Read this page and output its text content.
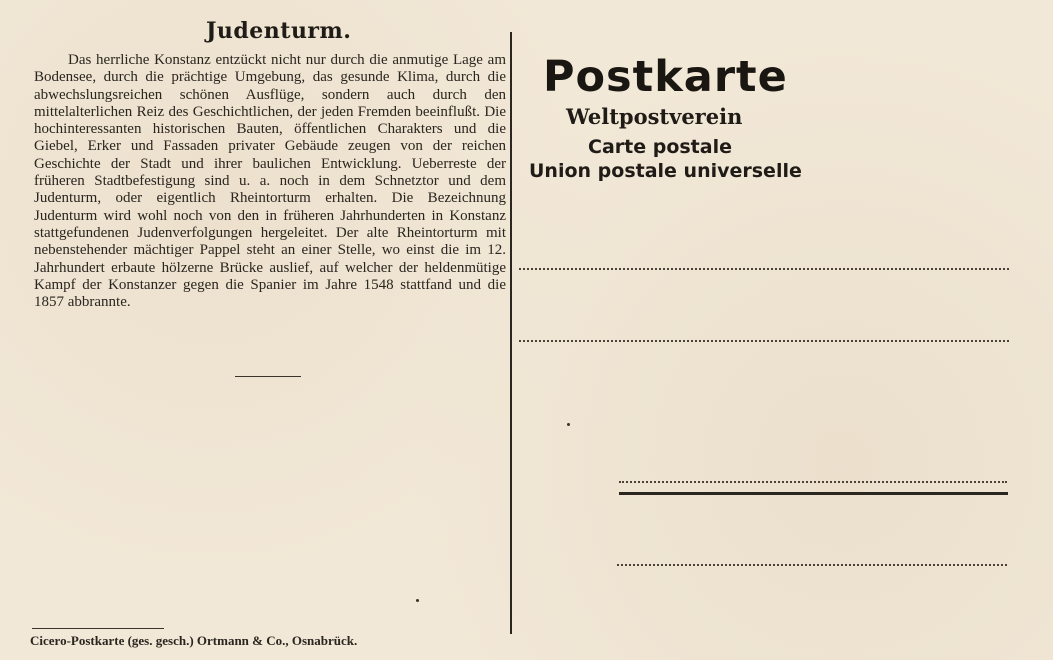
Judenturm.

Das herrliche Konstanz entzückt nicht nur durch die anmutige Lage am Bodensee, durch die prächtige Umgebung, das gesunde Klima, durch die abwechslungsreichen schönen Ausflüge, sondern auch durch den mittelalterlichen Reiz des Geschichtlichen, der jeden Fremden beeinflußt. Die hochinteressanten historischen Bauten, öffentlichen Charakters und die Giebel, Erker und Fassaden privater Gebäude zeugen von der reichen Geschichte der Stadt und ihrer baulichen Entwicklung. Ueberreste der früheren Stadtbefestigung sind u. a. noch in dem Schnetztor und dem Judenturm, oder eigentlich Rheintorturm erhalten. Die Bezeichnung Judenturm wird wohl noch von den in früheren Jahrhunderten in Konstanz stattgefundenen Judenverfolgungen hergeleitet. Der alte Rheintorturm mit nebenstehender mächtiger Pappel steht an einer Stelle, wo einst die im 12. Jahrhundert erbaute hölzerne Brücke auslief, auf welcher der heldenmütige Kampf der Konstanzer gegen die Spanier im Jahre 1548 stattfand und die 1857 abbrannte.

Postkarte
Weltpostverein
Carte postale
Union postale universelle
Cicero-Postkarte (ges. gesch.) Ortmann & Co., Osnabrück.
